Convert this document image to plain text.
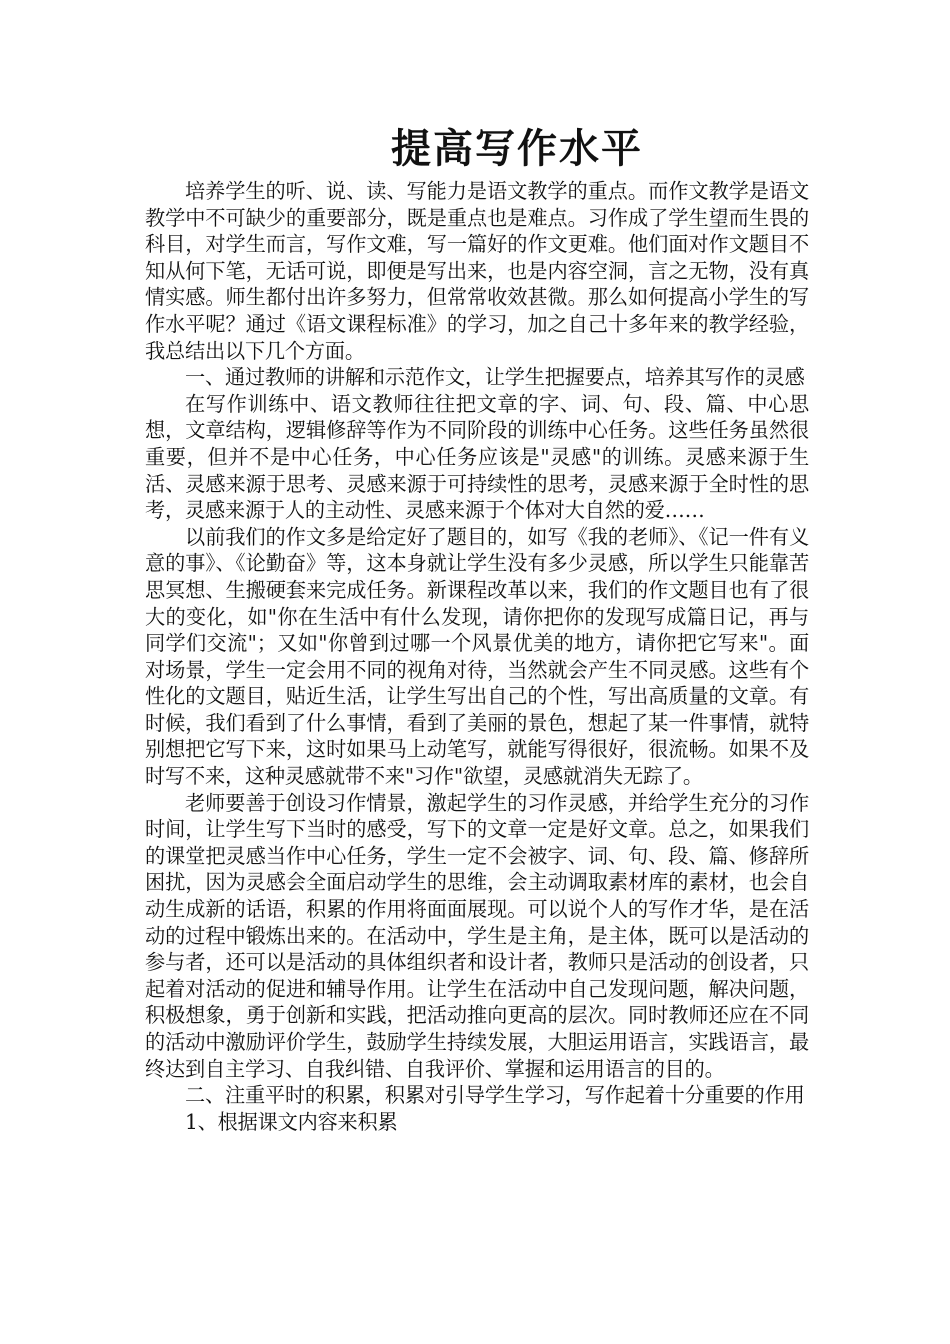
提高写作水平

培养学生的听、说、读、写能力是语文教学的重点。而作文教学是语文教学中不可缺少的重要部分，既是重点也是难点。习作成了学生望而生畏的科目，对学生而言，写作文难，写一篇好的作文更难。他们面对作文题目不知从何下笔，无话可说，即便是写出来，也是内容空洞，言之无物，没有真情实感。师生都付出许多努力，但常常收效甚微。那么如何提高小学生的写作水平呢？通过《语文课程标准》的学习，加之自己十多年来的教学经验，我总结出以下几个方面。

一、通过教师的讲解和示范作文，让学生把握要点，培养其写作的灵感

在写作训练中、语文教师往往把文章的字、词、句、段、篇、中心思想，文章结构，逻辑修辞等作为不同阶段的训练中心任务。这些任务虽然很重要，但并不是中心任务，中心任务应该是"灵感"的训练。灵感来源于生活、灵感来源于思考、灵感来源于可持续性的思考，灵感来源于全时性的思考，灵感来源于人的主动性、灵感来源于个体对大自然的爱……

以前我们的作文多是给定好了题目的，如写《我的老师》、《记一件有义意的事》、《论勤奋》等，这本身就让学生没有多少灵感，所以学生只能靠苦思冥想、生搬硬套来完成任务。新课程改革以来，我们的作文题目也有了很大的变化，如"你在生活中有什么发现，请你把你的发现写成篇日记，再与同学们交流"；又如"你曾到过哪一个风景优美的地方，请你把它写来"。面对场景，学生一定会用不同的视角对待，当然就会产生不同灵感。这些有个性化的文题目，贴近生活，让学生写出自己的个性，写出高质量的文章。有时候，我们看到了什么事情，看到了美丽的景色，想起了某一件事情，就特别想把它写下来，这时如果马上动笔写，就能写得很好，很流畅。如果不及时写不来，这种灵感就带不来"习作"欲望，灵感就消失无踪了。

老师要善于创设习作情景，激起学生的习作灵感，并给学生充分的习作时间，让学生写下当时的感受，写下的文章一定是好文章。总之，如果我们的课堂把灵感当作中心任务，学生一定不会被字、词、句、段、篇、修辞所困扰，因为灵感会全面启动学生的思维，会主动调取素材库的素材，也会自动生成新的话语，积累的作用将面面展现。可以说个人的写作才华，是在活动的过程中锻炼出来的。在活动中，学生是主角，是主体，既可以是活动的参与者，还可以是活动的具体组织者和设计者，教师只是活动的创设者，只起着对活动的促进和辅导作用。让学生在活动中自己发现问题，解决问题，积极想象，勇于创新和实践，把活动推向更高的层次。同时教师还应在不同的活动中激励评价学生，鼓励学生持续发展，大胆运用语言，实践语言，最终达到自主学习、自我纠错、自我评价、掌握和运用语言的目的。

二、注重平时的积累，积累对引导学生学习，写作起着十分重要的作用

1、根据课文内容来积累
